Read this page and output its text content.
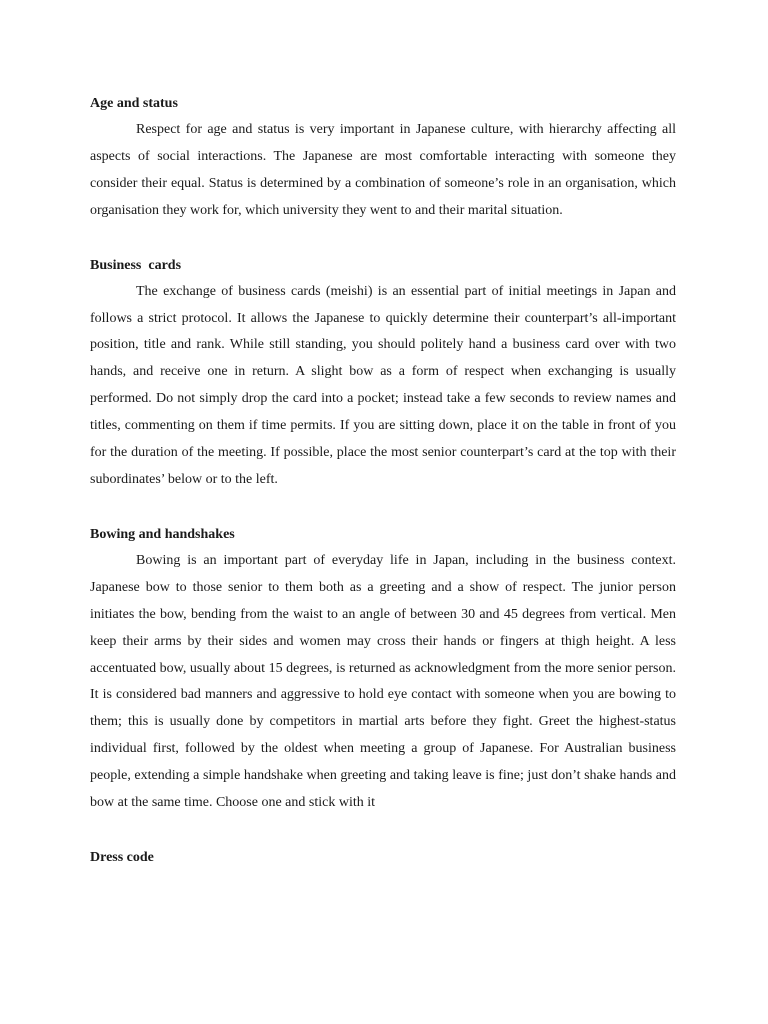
Age and status

Respect for age and status is very important in Japanese culture, with hierarchy affecting all aspects of social interactions. The Japanese are most comfortable interacting with someone they consider their equal. Status is determined by a combination of someone’s role in an organisation, which organisation they work for, which university they went to and their marital situation.

Business  cards

The exchange of business cards (meishi) is an essential part of initial meetings in Japan and follows a strict protocol. It allows the Japanese to quickly determine their counterpart’s all-important position, title and rank. While still standing, you should politely hand a business card over with two hands, and receive one in return. A slight bow as a form of respect when exchanging is usually performed. Do not simply drop the card into a pocket; instead take a few seconds to review names and titles, commenting on them if time permits. If you are sitting down, place it on the table in front of you for the duration of the meeting. If possible, place the most senior counterpart’s card at the top with their subordinates’ below or to the left.

Bowing and handshakes

Bowing is an important part of everyday life in Japan, including in the business context. Japanese bow to those senior to them both as a greeting and a show of respect. The junior person initiates the bow, bending from the waist to an angle of between 30 and 45 degrees from vertical. Men keep their arms by their sides and women may cross their hands or fingers at thigh height. A less accentuated bow, usually about 15 degrees, is returned as acknowledgment from the more senior person. It is considered bad manners and aggressive to hold eye contact with someone when you are bowing to them; this is usually done by competitors in martial arts before they fight. Greet the highest-status individual first, followed by the oldest when meeting a group of Japanese. For Australian business people, extending a simple handshake when greeting and taking leave is fine; just don’t shake hands and bow at the same time. Choose one and stick with it

Dress code
